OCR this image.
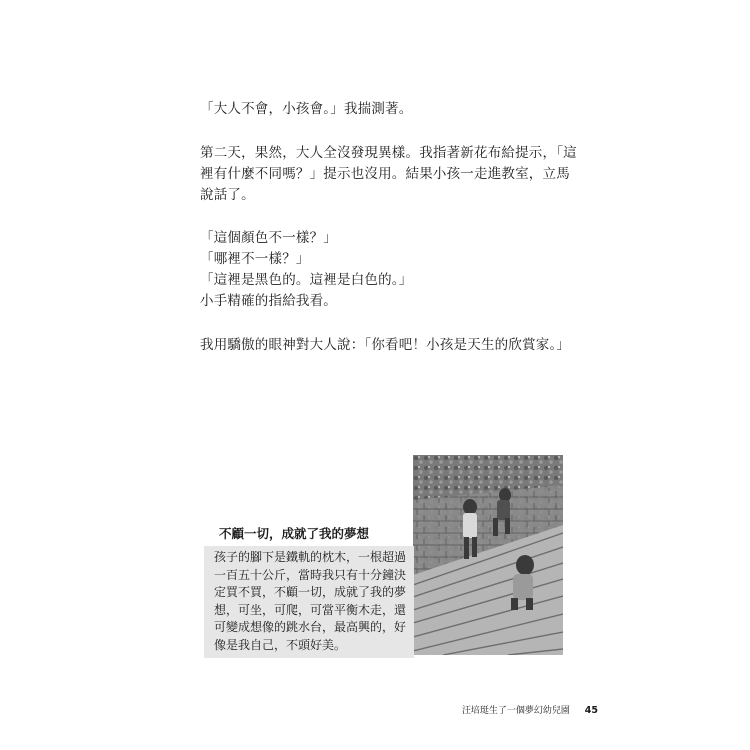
「大人不會，小孩會。」我揣測著。

第二天，果然，大人全沒發現異樣。我指著新花布給提示，「這
裡有什麼不同嗎？」提示也沒用。結果小孩一走進教室，立馬
說話了。

「這個顏色不一樣？」
「哪裡不一樣？」
「這裡是黑色的。這裡是白色的。」
小手精確的指給我看。

我用驕傲的眼神對大人說：「你看吧！小孩是天生的欣賞家。」

不顧一切，成就了我的夢想
孩子的腳下是鐵軌的枕木，一根超過
一百五十公斤，當時我只有十分鐘決
定買不買，不顧一切，成就了我的夢
想，可坐，可爬，可當平衡木走，還
可變成想像的跳水台，最高興的，好
像是我自己，不頭好美。
汪培珽生了一個夢幻幼兒園 45
